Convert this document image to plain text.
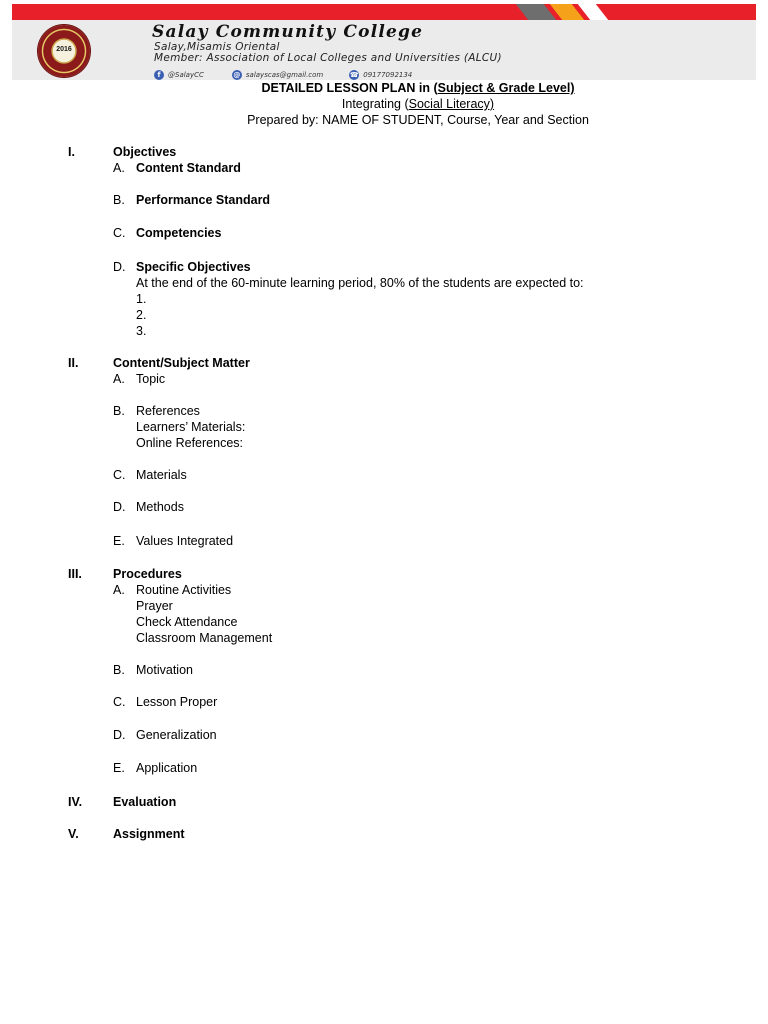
2016
Salay Community College
Salay,Misamis Oriental
Member: Association of Local Colleges and Universities (ALCU)
f	@SalayCC	@ salayscas@gmail.com	☎ 09177092134
DETAILED LESSON PLAN in (Subject & Grade Level)
Integrating (Social Literacy)
Prepared by: NAME OF STUDENT, Course, Year and Section
I.	Objectives
A. Content Standard
B. Performance Standard
C. Competencies
D. Specific Objectives
At the end of the 60-minute learning period, 80% of the students are expected to:
1.
2.
3.
II.	Content/Subject Matter
A. Topic
B. References
Learners’ Materials:
Online References:
C. Materials
D. Methods
E. Values Integrated
III. Procedures
A. Routine Activities
Prayer
Check Attendance
Classroom Management
B. Motivation
C. Lesson Proper
D. Generalization
E. Application
IV. Evaluation
V.	Assignment
